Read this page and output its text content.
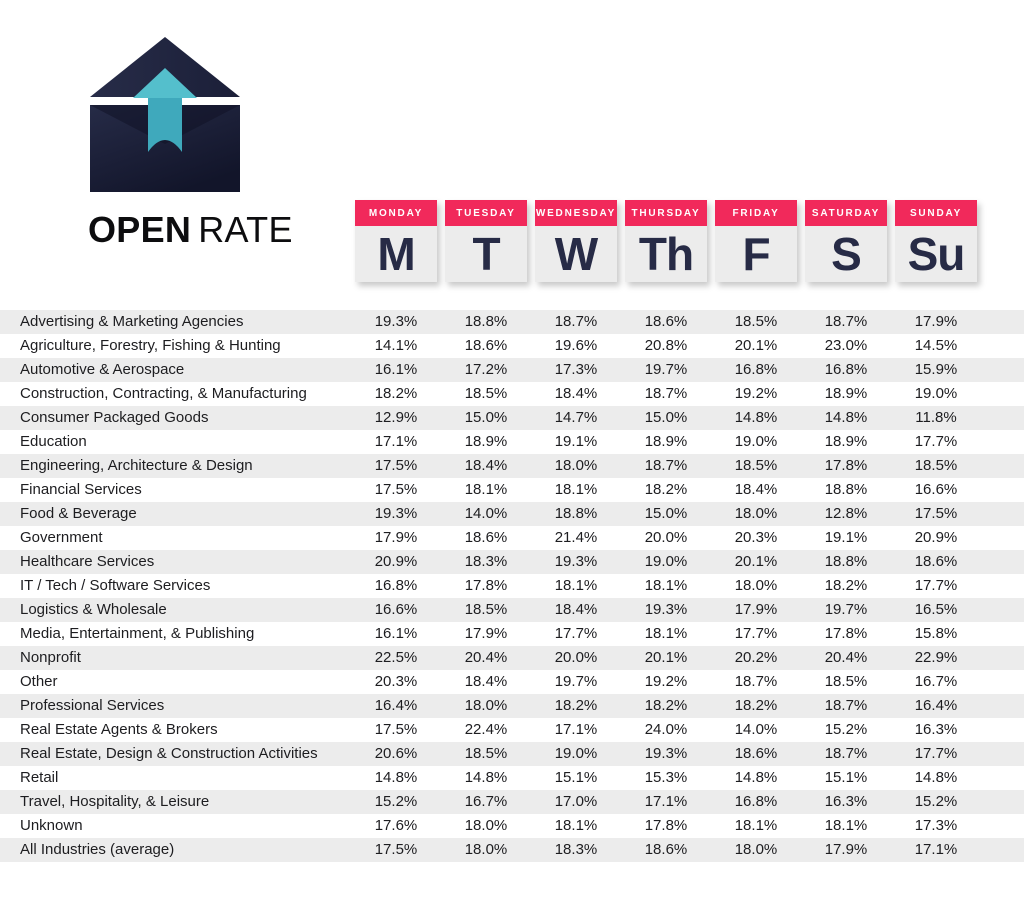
OPEN RATE	MONDAY
M
TUESDAY
T
WEDNESDAY
W
THURSDAY
Th
FRIDAY
F
SATURDAY
S
SUNDAY
Su
Advertising & Marketing Agencies	19.3%	18.8%	18.7%	18.6%	18.5%	18.7%	17.9%
Agriculture, Forestry, Fishing & Hunting	14.1%	18.6%	19.6%	20.8%	20.1%	23.0%	14.5%
Automotive & Aerospace	16.1%	17.2%	17.3%	19.7%	16.8%	16.8%	15.9%
Construction, Contracting, & Manufacturing	18.2%	18.5%	18.4%	18.7%	19.2%	18.9%	19.0%
Consumer Packaged Goods	12.9%	15.0%	14.7%	15.0%	14.8%	14.8%	11.8%
Education	17.1%	18.9%	19.1%	18.9%	19.0%	18.9%	17.7%
Engineering, Architecture & Design	17.5%	18.4%	18.0%	18.7%	18.5%	17.8%	18.5%
Financial Services	17.5%	18.1%	18.1%	18.2%	18.4%	18.8%	16.6%
Food & Beverage	19.3%	14.0%	18.8%	15.0%	18.0%	12.8%	17.5%
Government	17.9%	18.6%	21.4%	20.0%	20.3%	19.1%	20.9%
Healthcare Services	20.9%	18.3%	19.3%	19.0%	20.1%	18.8%	18.6%
IT / Tech / Software Services	16.8%	17.8%	18.1%	18.1%	18.0%	18.2%	17.7%
Logistics & Wholesale	16.6%	18.5%	18.4%	19.3%	17.9%	19.7%	16.5%
Media, Entertainment, & Publishing	16.1%	17.9%	17.7%	18.1%	17.7%	17.8%	15.8%
Nonprofit	22.5%	20.4%	20.0%	20.1%	20.2%	20.4%	22.9%
Other	20.3%	18.4%	19.7%	19.2%	18.7%	18.5%	16.7%
Professional Services	16.4%	18.0%	18.2%	18.2%	18.2%	18.7%	16.4%
Real Estate Agents & Brokers	17.5%	22.4%	17.1%	24.0%	14.0%	15.2%	16.3%
Real Estate, Design & Construction Activities	20.6%	18.5%	19.0%	19.3%	18.6%	18.7%	17.7%
Retail	14.8%	14.8%	15.1%	15.3%	14.8%	15.1%	14.8%
Travel, Hospitality, & Leisure	15.2%	16.7%	17.0%	17.1%	16.8%	16.3%	15.2%
Unknown	17.6%	18.0%	18.1%	17.8%	18.1%	18.1%	17.3%
All Industries (average)	17.5%	18.0%	18.3%	18.6%	18.0%	17.9%	17.1%
